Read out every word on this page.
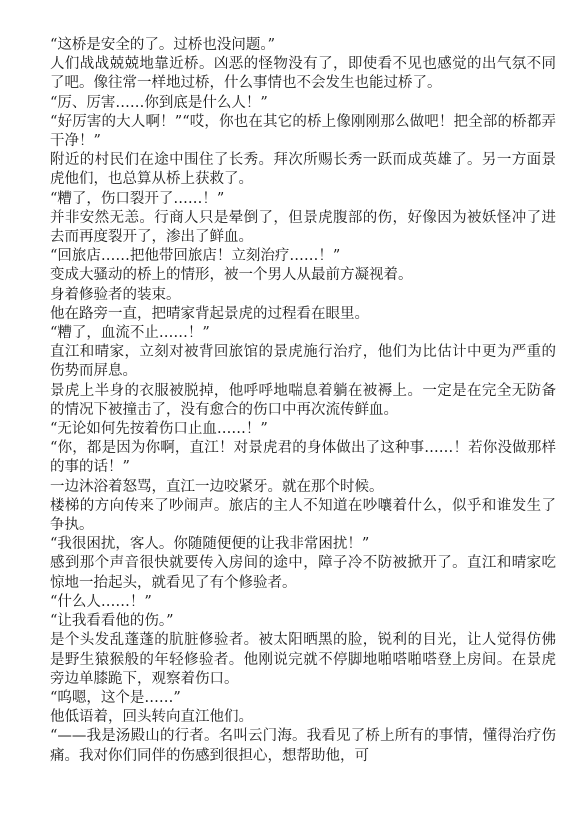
“这桥是安全的了。过桥也没问题。”

人们战战兢兢地靠近桥。凶恶的怪物没有了，即使看不见也感觉的出气氛不同了吧。像往常一样地过桥，什么事情也不会发生也能过桥了。

“厉、厉害……你到底是什么人！”

“好厉害的大人啊！”“哎，你也在其它的桥上像刚刚那么做吧！把全部的桥都弄干净！”

附近的村民们在途中围住了长秀。拜次所赐长秀一跃而成英雄了。另一方面景虎他们，也总算从桥上获救了。

“糟了，伤口裂开了……！”

并非安然无恙。行商人只是晕倒了，但景虎腹部的伤，好像因为被妖怪冲了进去而再度裂开了，渗出了鲜血。

“回旅店……把他带回旅店！立刻治疗……！”

变成大骚动的桥上的情形，被一个男人从最前方凝视着。

身着修验者的装束。

他在路旁一直，把晴家背起景虎的过程看在眼里。

“糟了，血流不止……！”

直江和晴家，立刻对被背回旅馆的景虎施行治疗，他们为比估计中更为严重的伤势而屏息。

景虎上半身的衣服被脱掉，他呼呼地喘息着躺在被褥上。一定是在完全无防备的情况下被撞击了，没有愈合的伤口中再次流传鲜血。

“无论如何先按着伤口止血……！”

“你，都是因为你啊，直江！对景虎君的身体做出了这种事……！若你没做那样的事的话！”

一边沐浴着怒骂，直江一边咬紧牙。就在那个时候。

楼梯的方向传来了吵闹声。旅店的主人不知道在吵嚷着什么，似乎和谁发生了争执。

“我很困扰，客人。你随随便便的让我非常困扰！”

感到那个声音很快就要传入房间的途中，障子冷不防被掀开了。直江和晴家吃惊地一抬起头，就看见了有个修验者。

“什么人……！”

“让我看看他的伤。”

是个头发乱蓬蓬的肮脏修验者。被太阳晒黑的脸，锐利的目光，让人觉得仿佛是野生猿猴般的年轻修验者。他刚说完就不停脚地啪嗒啪嗒登上房间。在景虎旁边单膝跪下，观察着伤口。

“呜嗯，这个是……”

他低语着，回头转向直江他们。

“——我是汤殿山的行者。名叫云门海。我看见了桥上所有的事情，懂得治疗伤痛。我对你们同伴的伤感到很担心，想帮助他，可
